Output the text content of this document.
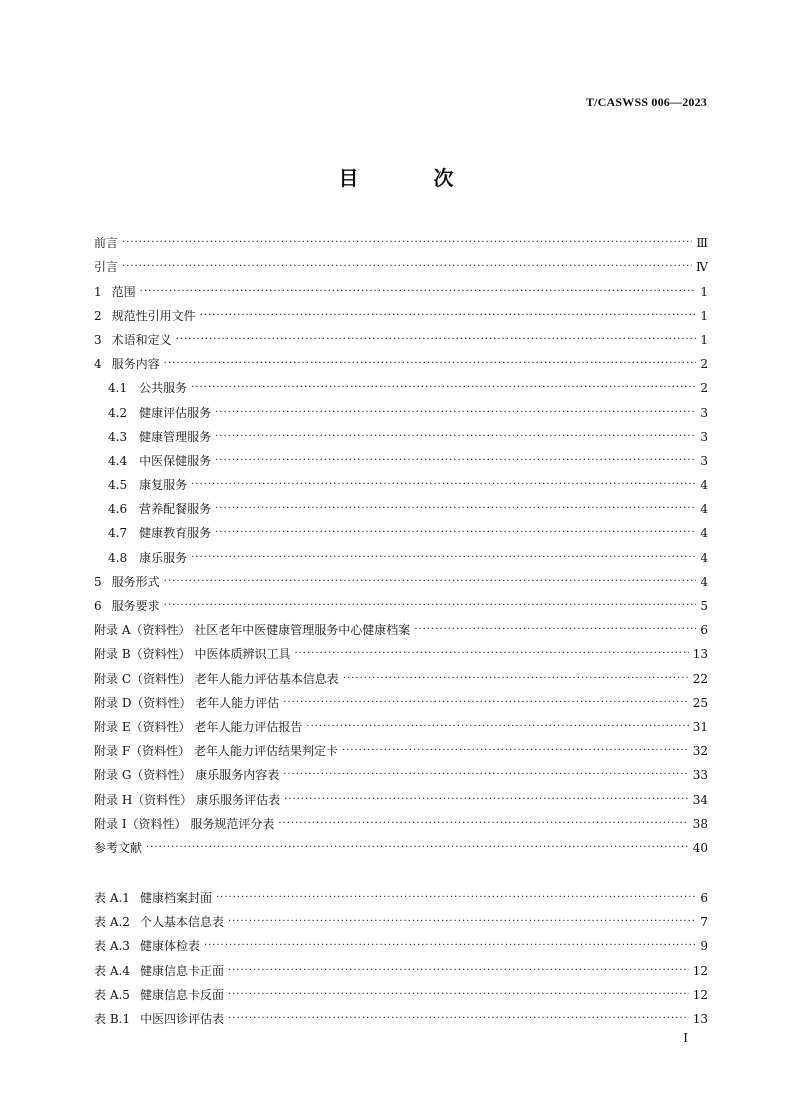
T/CASWSS 006—2023
目 次
前言 ·····	Ⅲ
引言 ·····	Ⅳ
1 范围 ·····	1
2 规范性引用文件 ·····	1
3 术语和定义 ·····	1
4 服务内容 ·····	2
4.1 公共服务 ·····	2
4.2 健康评估服务 ·····	3
4.3 健康管理服务 ·····	3
4.4 中医保健服务 ·····	3
4.5 康复服务 ·····	4
4.6 营养配餐服务 ·····	4
4.7 健康教育服务 ·····	4
4.8 康乐服务 ·····	4
5 服务形式 ·····	4
6 服务要求 ·····	5
附录 A（资料性） 社区老年中医健康管理服务中心健康档案 ·····	6
附录 B（资料性） 中医体质辨识工具 ·····	13
附录 C（资料性） 老年人能力评估基本信息表 ·····	22
附录 D（资料性） 老年人能力评估 ·····	25
附录 E（资料性） 老年人能力评估报告 ·····	31
附录 F（资料性） 老年人能力评估结果判定卡 ·····	32
附录 G（资料性） 康乐服务内容表 ·····	33
附录 H（资料性） 康乐服务评估表 ·····	34
附录 I（资料性） 服务规范评分表 ·····	38
参考文献 ·····	40
表 A.1 健康档案封面 ·····	6
表 A.2 个人基本信息表 ·····	7
表 A.3 健康体检表 ·····	9
表 A.4 健康信息卡正面 ·····	12
表 A.5 健康信息卡反面 ·····	12
表 B.1 中医四诊评估表 ·····	13
I
